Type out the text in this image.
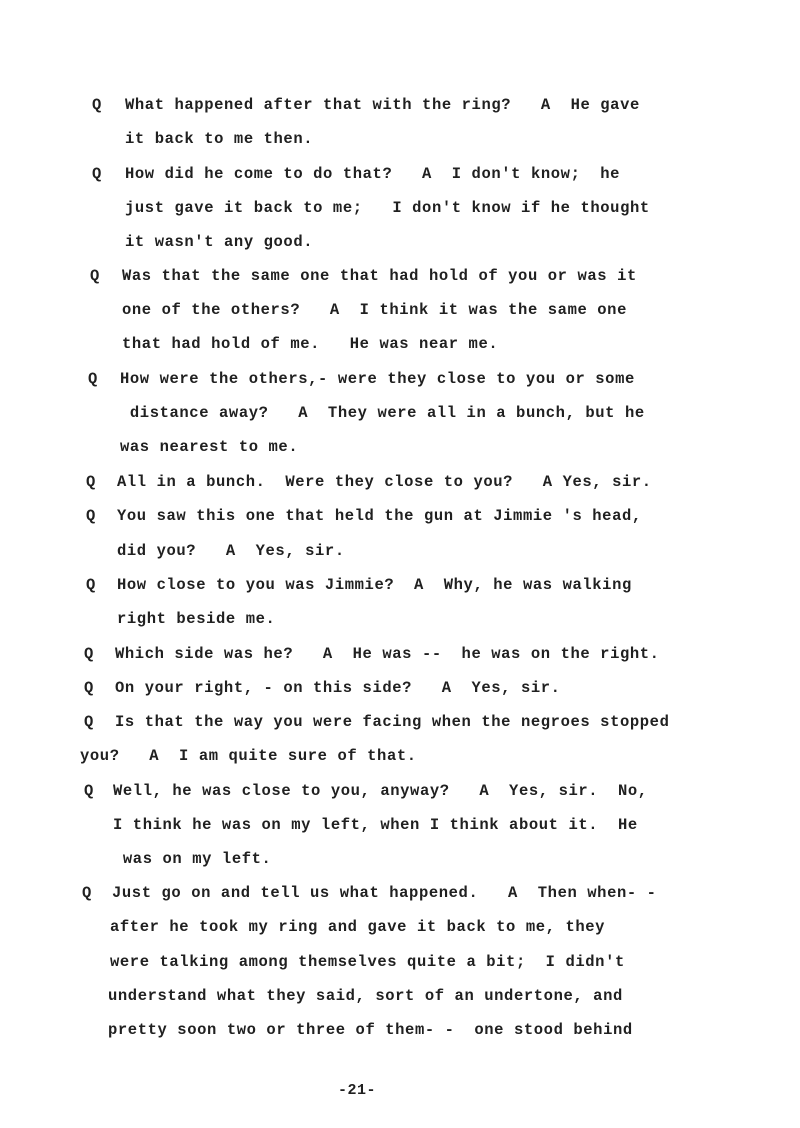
Q What happened after that with the ring?   A  He gave
it back to me then.
Q How did he come to do that?   A  I don't know;  he
just gave it back to me;   I don't know if he thought
it wasn't any good.
Q Was that the same one that had hold of you or was it
one of the others?   A  I think it was the same one
that had hold of me.   He was near me.
Q How were the others,- were they close to you or some
distance away?   A  They were all in a bunch, but he
was nearest to me.
Q All in a bunch.  Were they close to you?   A Yes, sir.
Q You saw this one that held the gun at Jimmie 's head,
did you?   A  Yes, sir.
Q How close to you was Jimmie?  A  Why, he was walking
right beside me.
Q Which side was he?   A  He was --  he was on the right.
Q On your right, - on this side?   A  Yes, sir.
Q Is that the way you were facing when the negroes stopped
you?   A  I am quite sure of that.
Q Well, he was close to you, anyway?   A  Yes, sir.  No,
I think he was on my left, when I think about it.  He
was on my left.
Q Just go on and tell us what happened.   A  Then when- -
after he took my ring and gave it back to me, they
were talking among themselves quite a bit;  I didn't
understand what they said, sort of an undertone, and
pretty soon two or three of them- -  one stood behind
-21-
